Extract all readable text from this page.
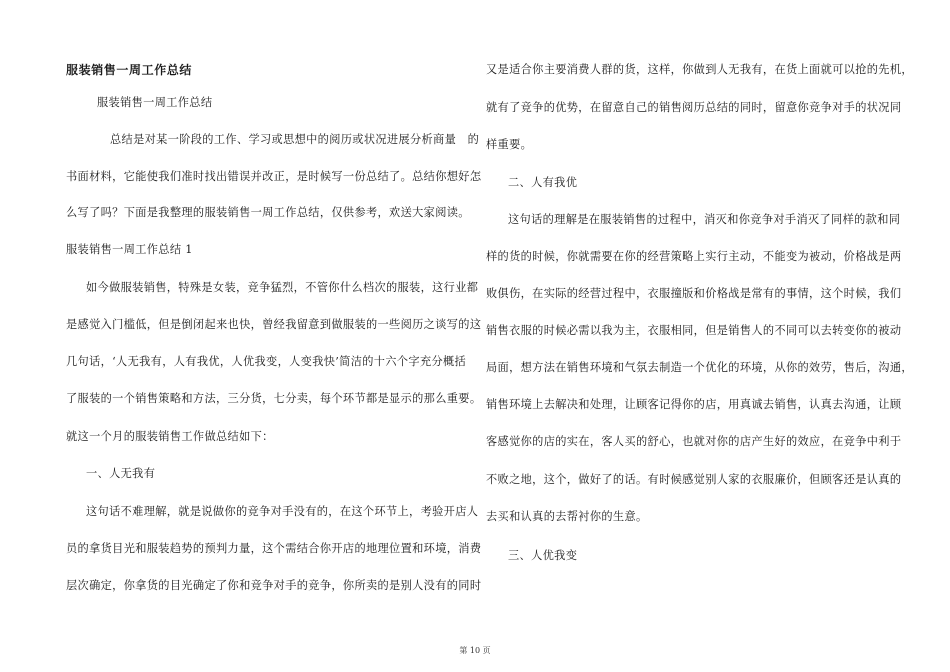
服装销售一周工作总结
服装销售一周工作总结
总结是对某一阶段的工作、学习或思想中的阅历或状况进展分析商量　的
书面材料，它能使我们准时找出错误并改正，是时候写一份总结了。总结你想好怎
么写了吗？下面是我整理的服装销售一周工作总结，仅供参考，欢送大家阅读。
服装销售一周工作总结 1
如今做服装销售，特殊是女装，竞争猛烈，不管你什么档次的服装，这行业都
是感觉入门槛低，但是倒闭起来也快，曾经我留意到做服装的一些阅历之谈写的这
几句话，‘人无我有，人有我优，人优我变，人变我快’简洁的十六个字充分概括
了服装的一个销售策略和方法，三分货，七分卖，每个环节都是显示的那么重要。
就这一个月的服装销售工作做总结如下：
一、人无我有
这句话不难理解，就是说做你的竞争对手没有的，在这个环节上，考验开店人
员的拿货目光和服装趋势的预判力量，这个需结合你开店的地理位置和环境，消费
层次确定，你拿货的目光确定了你和竞争对手的竞争，你所卖的是别人没有的同时
又是适合你主要消费人群的货，这样，你做到人无我有，在货上面就可以抢的先机，
就有了竞争的优势，在留意自己的销售阅历总结的同时，留意你竞争对手的状况同
样重要。
二、人有我优
这句话的理解是在服装销售的过程中，消灭和你竞争对手消灭了同样的款和同
样的货的时候，你就需要在你的经营策略上实行主动，不能变为被动，价格战是两
败俱伤，在实际的经营过程中，衣服撞版和价格战是常有的事情，这个时候，我们
销售衣服的时候必需以我为主，衣服相同，但是销售人的不同可以去转变你的被动
局面，想方法在销售环境和气氛去制造一个优化的环境，从你的效劳，售后，沟通，
销售环境上去解决和处理，让顾客记得你的店，用真诚去销售，认真去沟通，让顾
客感觉你的店的实在，客人买的舒心，也就对你的店产生好的效应，在竞争中利于
不败之地，这个，做好了的话。有时候感觉别人家的衣服廉价，但顾客还是认真的
去买和认真的去帮衬你的生意。
三、人优我变
第 10 页
